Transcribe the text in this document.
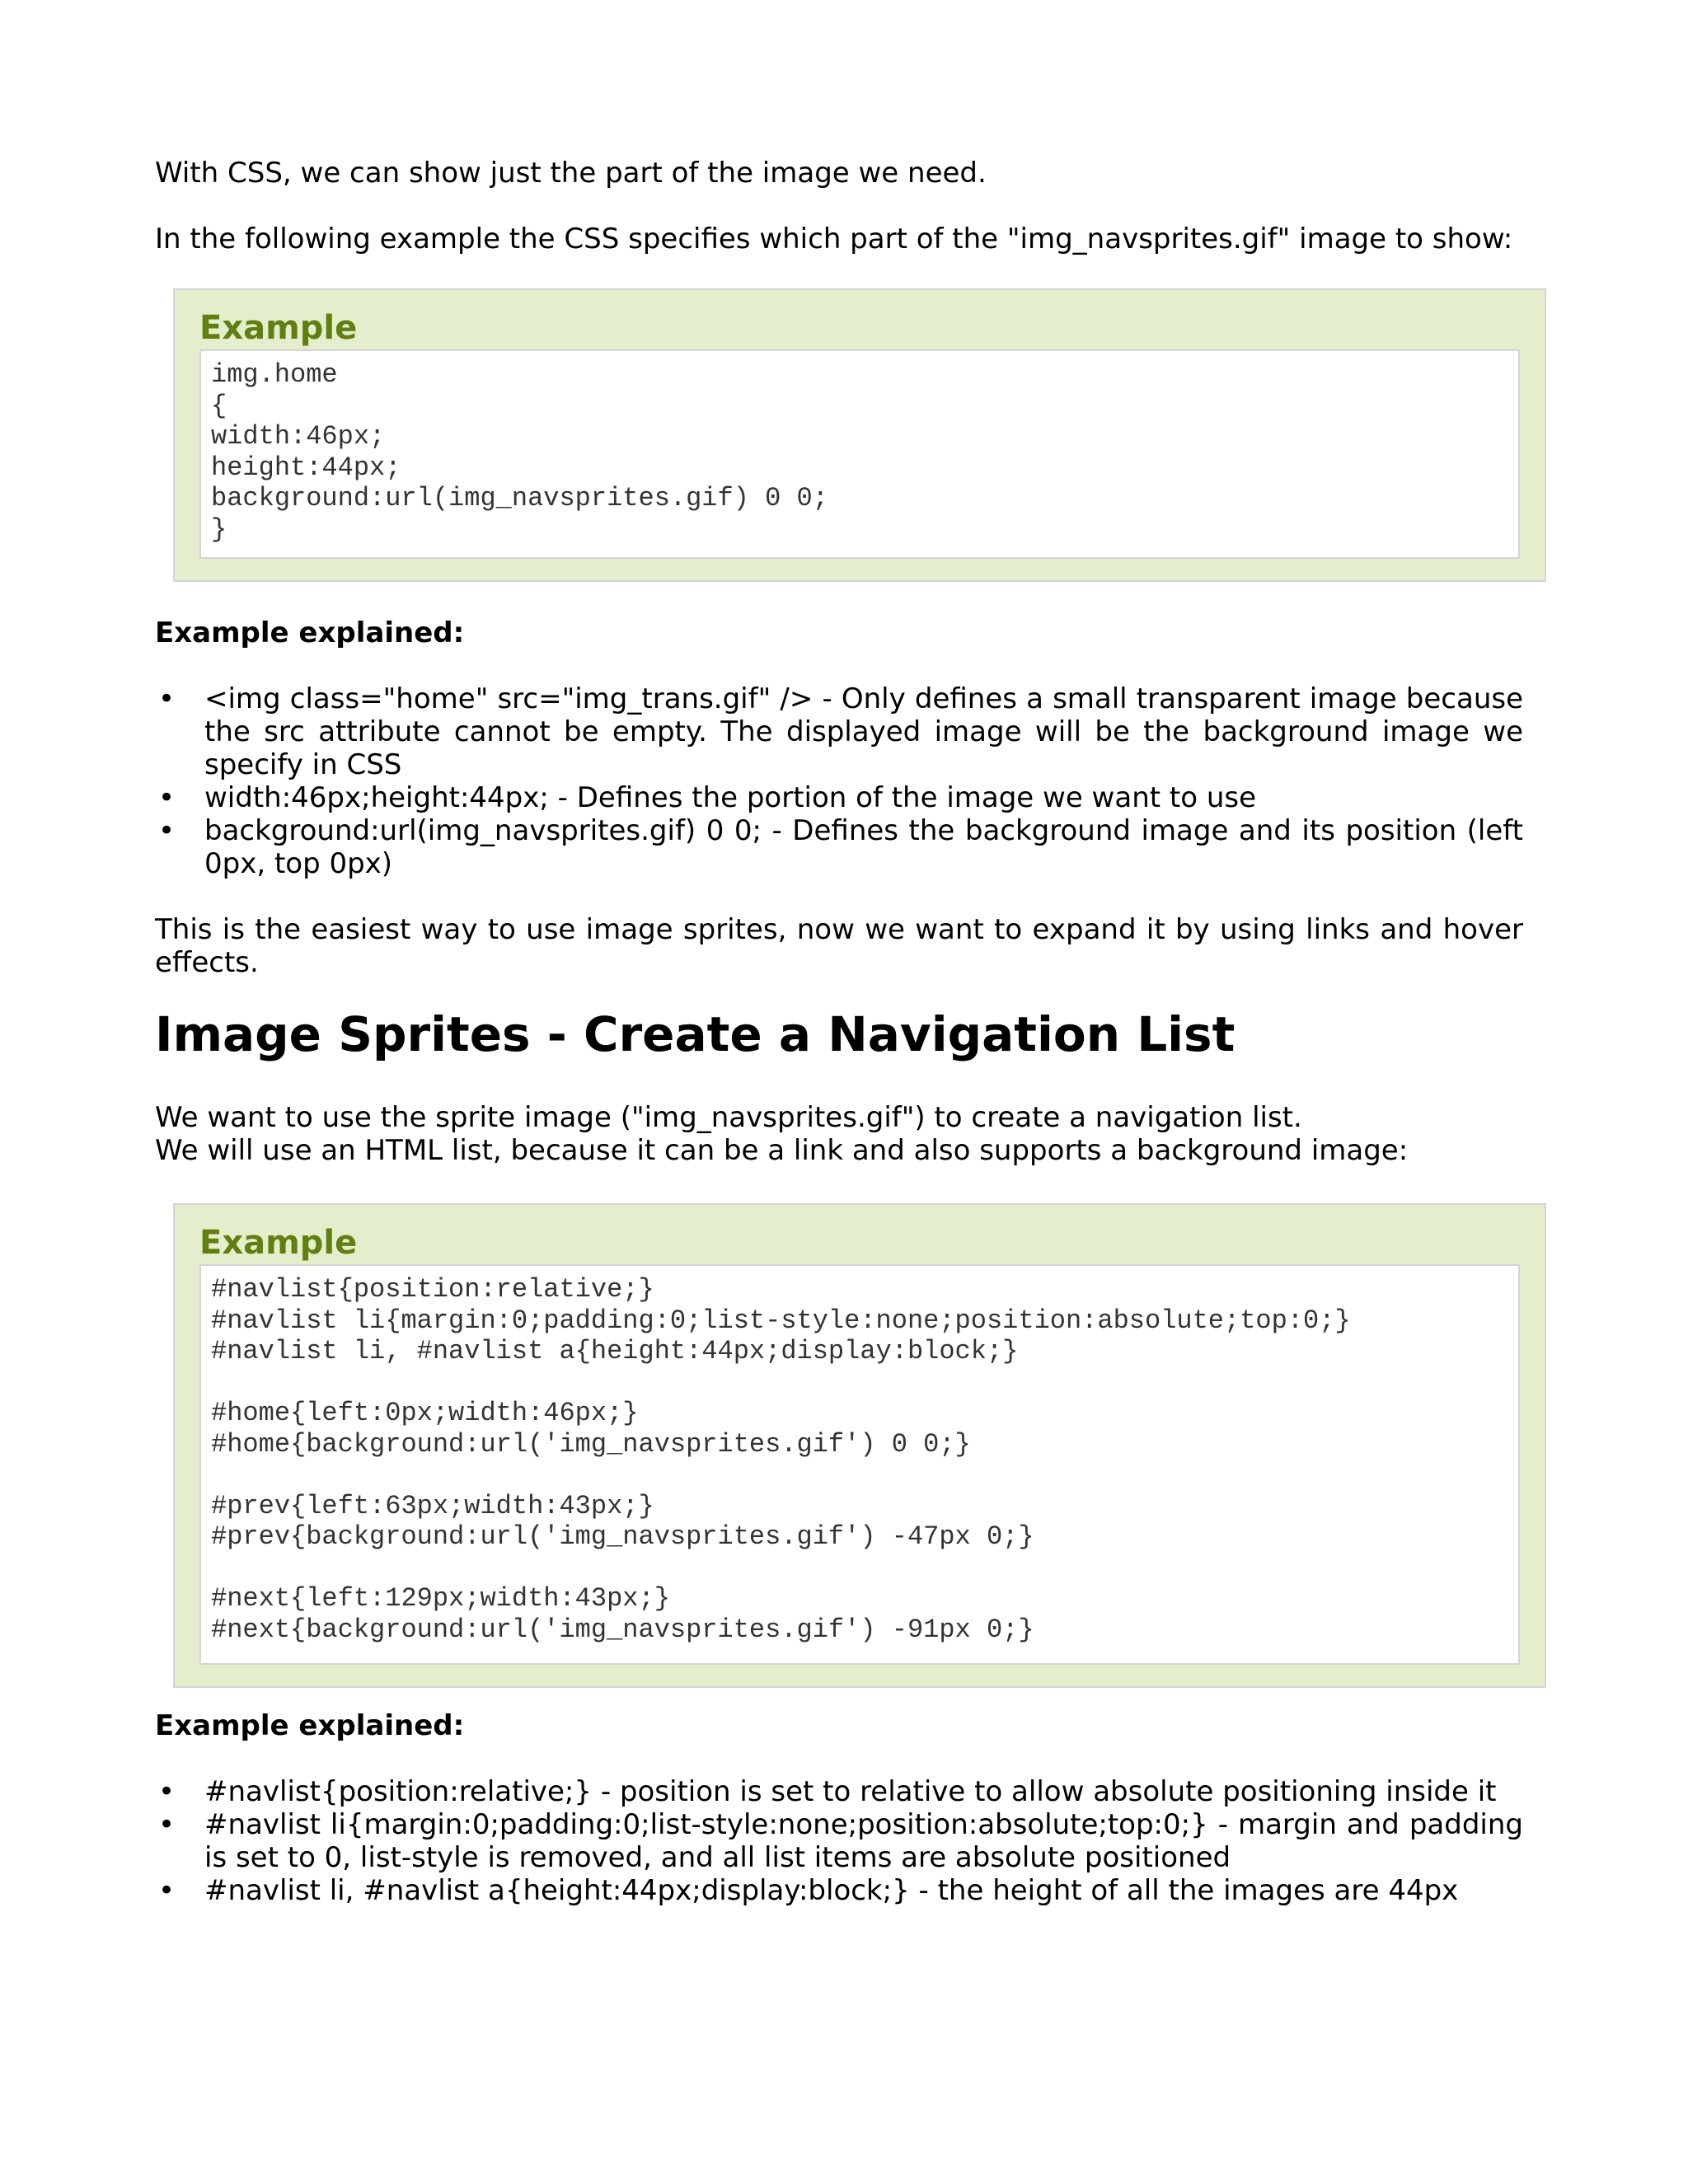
With CSS, we can show just the part of the image we need.

In the following example the CSS specifies which part of the "img_navsprites.gif" image to show:

Example
img.home
{
width:46px;
height:44px;
background:url(img_navsprites.gif) 0 0;
}
Example explained:
• <img class="home" src="img_trans.gif" /> - Only defines a small transparent image because the src attribute cannot be empty. The displayed image will be the background image we specify in CSS
• width:46px;height:44px; - Defines the portion of the image we want to use
• background:url(img_navsprites.gif) 0 0; - Defines the background image and its position (left 0px, top 0px)

This is the easiest way to use image sprites, now we want to expand it by using links and hover effects.

Image Sprites - Create a Navigation List

We want to use the sprite image ("img_navsprites.gif") to create a navigation list.

We will use an HTML list, because it can be a link and also supports a background image:

Example
#navlist{position:relative;}
#navlist li{margin:0;padding:0;list-style:none;position:absolute;top:0;}
#navlist li, #navlist a{height:44px;display:block;}
#home{left:0px;width:46px;}
#home{background:url('img_navsprites.gif') 0 0;}
#prev{left:63px;width:43px;}
#prev{background:url('img_navsprites.gif') -47px 0;}
#next{left:129px;width:43px;}
#next{background:url('img_navsprites.gif') -91px 0;}
Example explained:
• #navlist{position:relative;} - position is set to relative to allow absolute positioning inside it
• #navlist li{margin:0;padding:0;list-style:none;position:absolute;top:0;} - margin and padding is set to 0, list-style is removed, and all list items are absolute positioned
• #navlist li, #navlist a{height:44px;display:block;} - the height of all the images are 44px
